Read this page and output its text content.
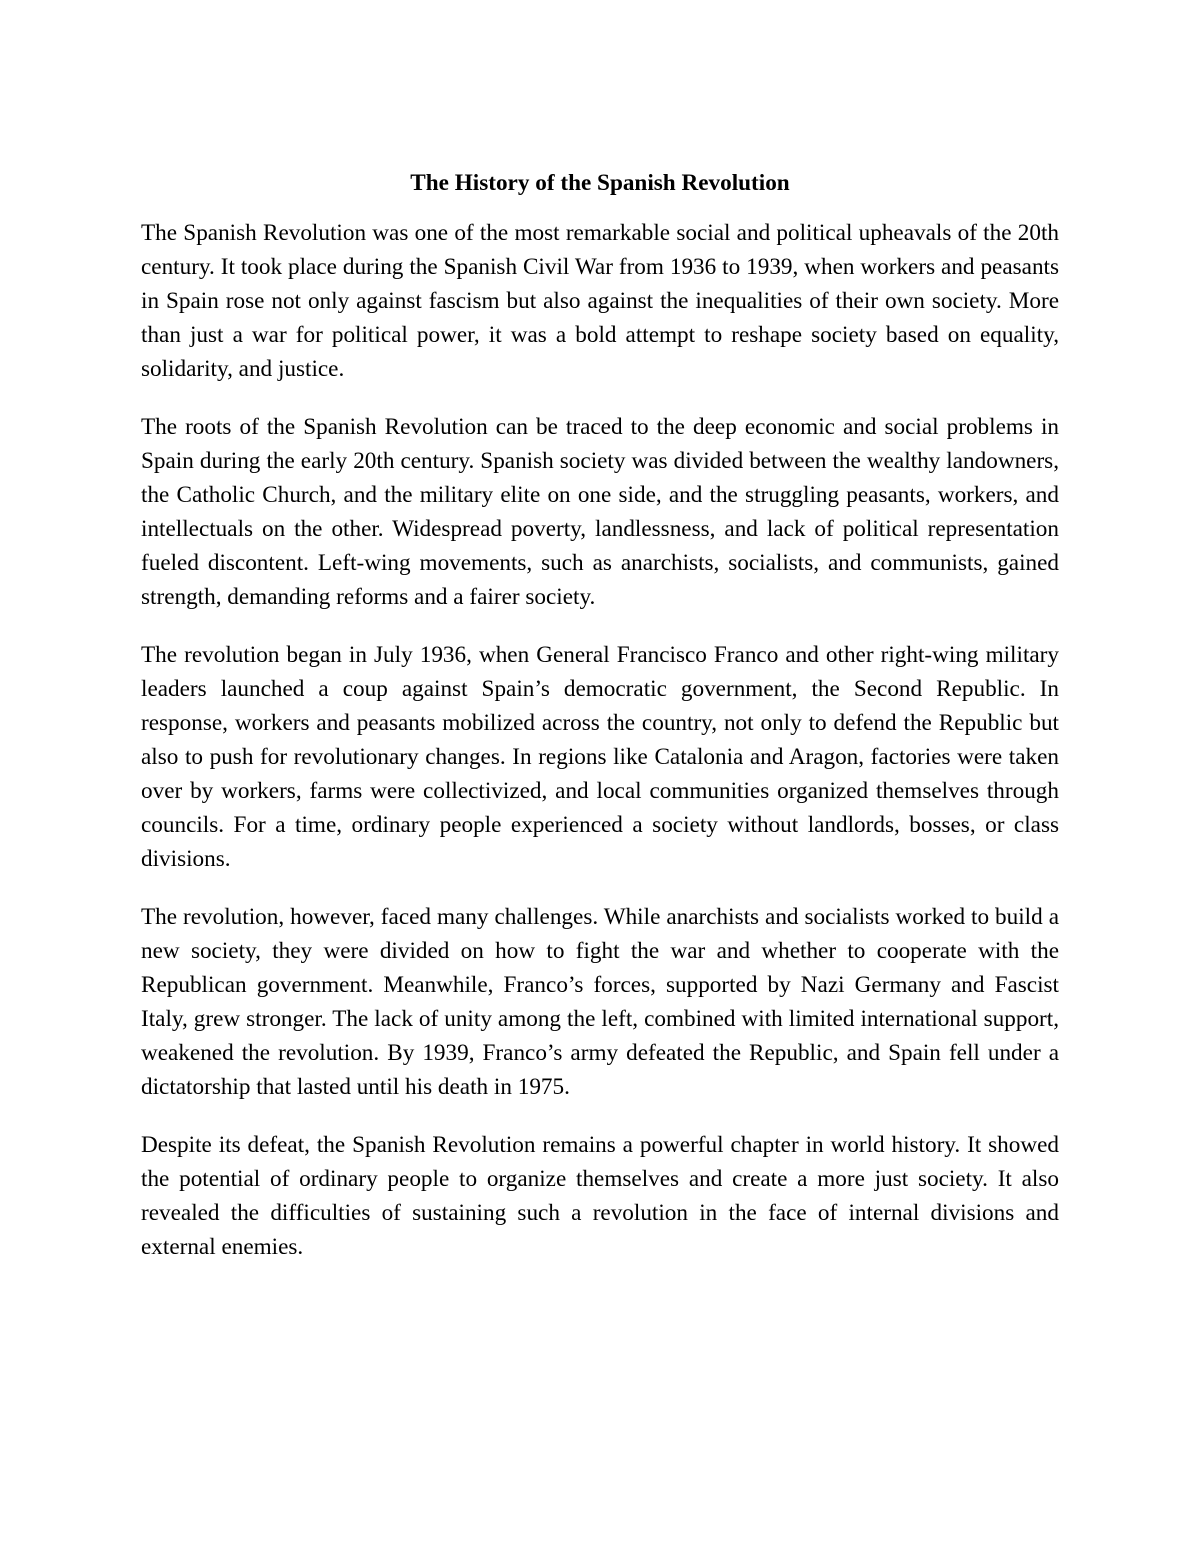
The History of the Spanish Revolution

The Spanish Revolution was one of the most remarkable social and political upheavals of the 20th century. It took place during the Spanish Civil War from 1936 to 1939, when workers and peasants in Spain rose not only against fascism but also against the inequalities of their own society. More than just a war for political power, it was a bold attempt to reshape society based on equality, solidarity, and justice.

The roots of the Spanish Revolution can be traced to the deep economic and social problems in Spain during the early 20th century. Spanish society was divided between the wealthy landowners, the Catholic Church, and the military elite on one side, and the struggling peasants, workers, and intellectuals on the other. Widespread poverty, landlessness, and lack of political representation fueled discontent. Left-wing movements, such as anarchists, socialists, and communists, gained strength, demanding reforms and a fairer society.

The revolution began in July 1936, when General Francisco Franco and other right-wing military leaders launched a coup against Spain’s democratic government, the Second Republic. In response, workers and peasants mobilized across the country, not only to defend the Republic but also to push for revolutionary changes. In regions like Catalonia and Aragon, factories were taken over by workers, farms were collectivized, and local communities organized themselves through councils. For a time, ordinary people experienced a society without landlords, bosses, or class divisions.

The revolution, however, faced many challenges. While anarchists and socialists worked to build a new society, they were divided on how to fight the war and whether to cooperate with the Republican government. Meanwhile, Franco’s forces, supported by Nazi Germany and Fascist Italy, grew stronger. The lack of unity among the left, combined with limited international support, weakened the revolution. By 1939, Franco’s army defeated the Republic, and Spain fell under a dictatorship that lasted until his death in 1975.

Despite its defeat, the Spanish Revolution remains a powerful chapter in world history. It showed the potential of ordinary people to organize themselves and create a more just society. It also revealed the difficulties of sustaining such a revolution in the face of internal divisions and external enemies.
